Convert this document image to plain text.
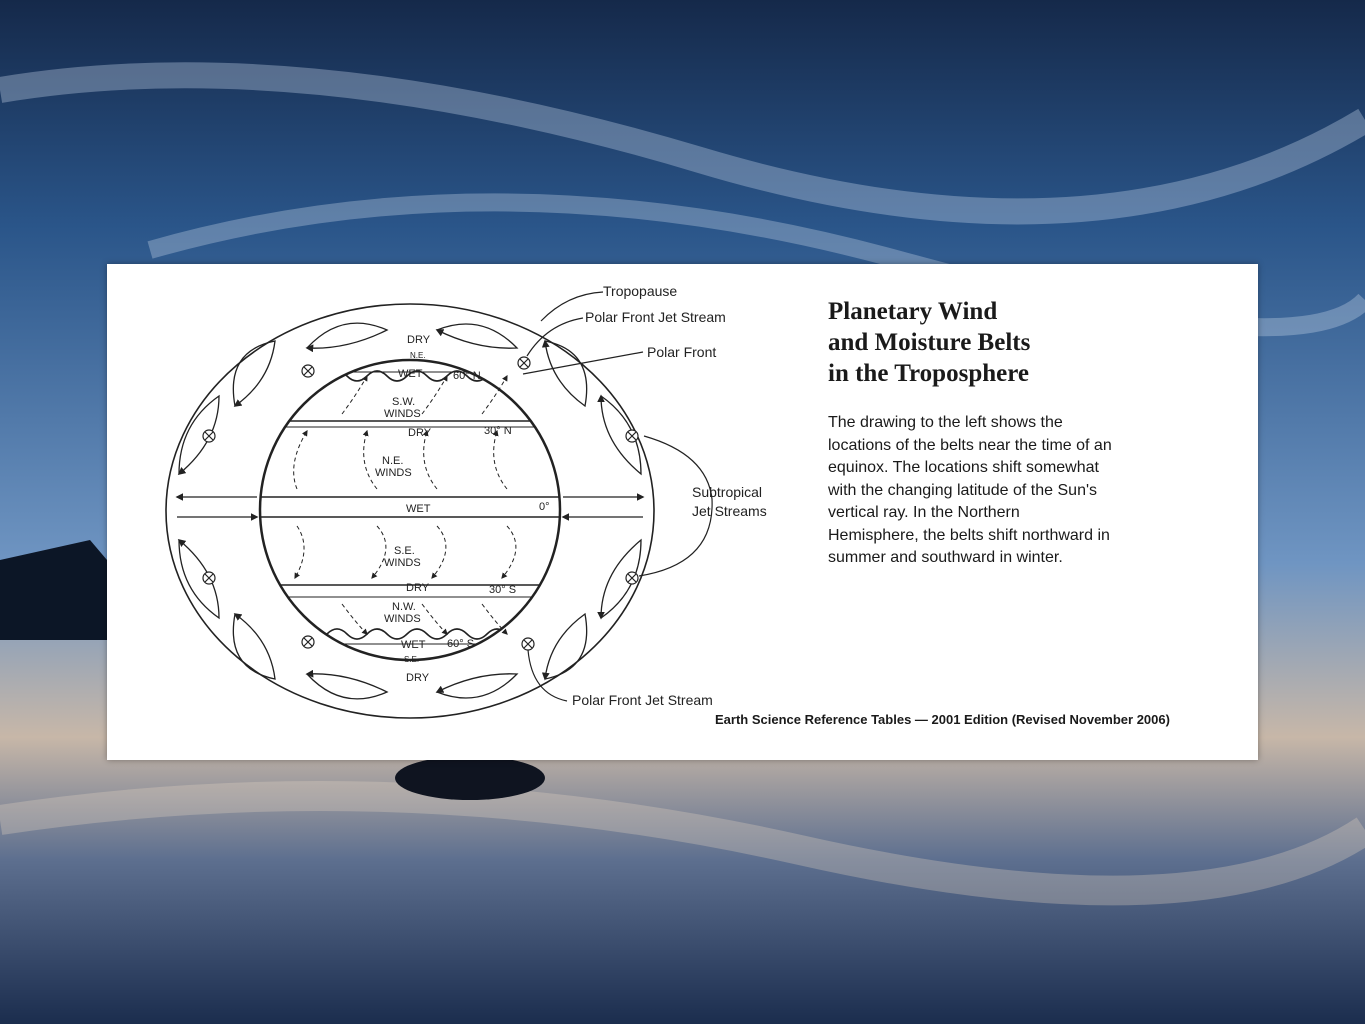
Tropopause
Polar Front Jet Stream
Polar Front
Subtropical
Jet Streams
Polar Front Jet Stream
DRY
N.E.
WET	60° N
S.W.
WINDS
DRY	30° N
N.E.
WINDS
WET	0°
S.E.
WINDS
DRY	30° S
N.W.
WINDS
WET 60° S
S.E.
DRY
Planetary Wind
and Moisture Belts
in the Troposphere
The drawing to the left shows the locations of the belts near the time of an equinox. The locations shift somewhat with the changing latitude of the Sun's vertical ray. In the Northern Hemisphere, the belts shift northward in summer and southward in winter.
Earth Science Reference Tables — 2001 Edition (Revised November 2006)
